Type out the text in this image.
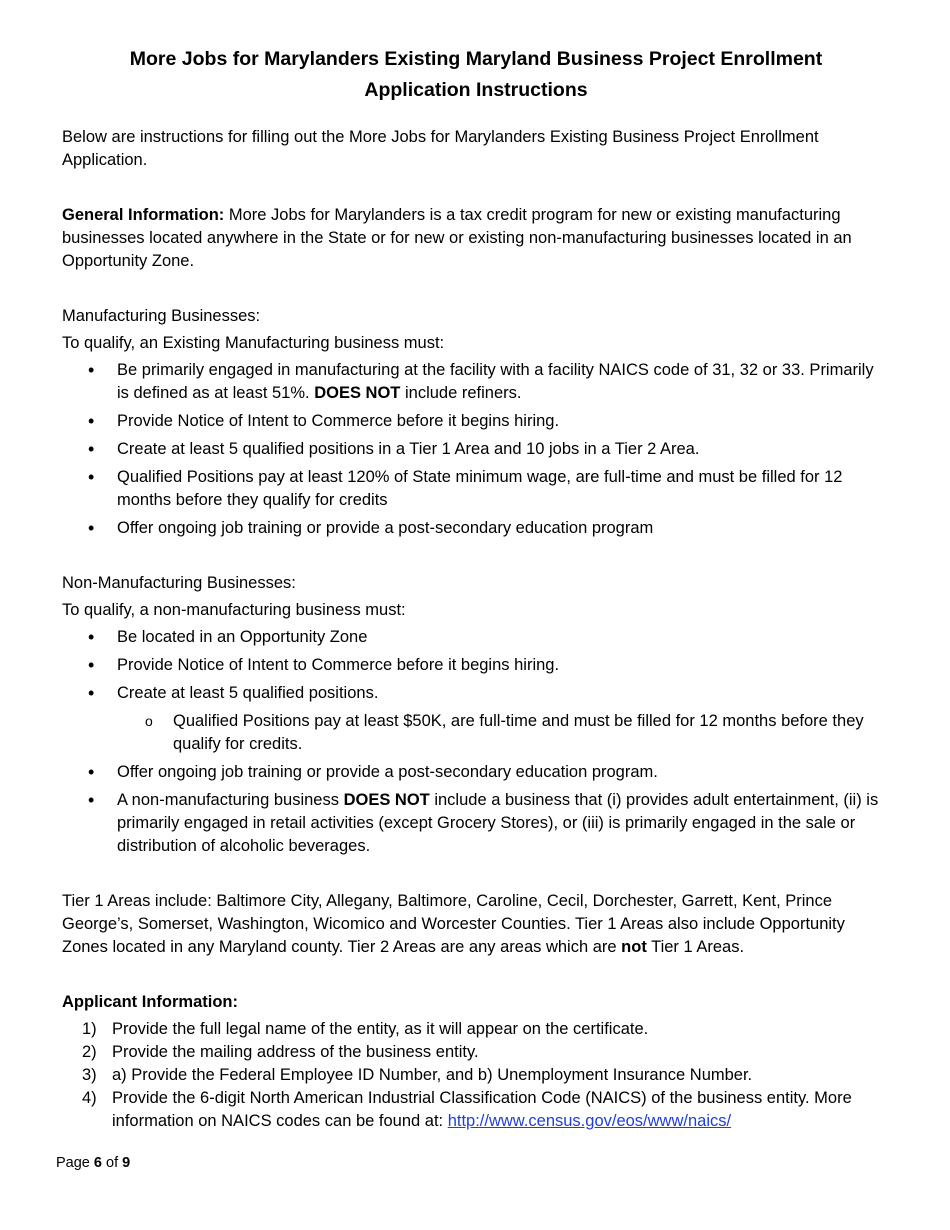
More Jobs for Marylanders Existing Maryland Business Project Enrollment
Application Instructions

Below are instructions for filling out the More Jobs for Marylanders Existing Business Project Enrollment Application.

General Information: More Jobs for Marylanders is a tax credit program for new or existing manufacturing businesses located anywhere in the State or for new or existing non-manufacturing businesses located in an Opportunity Zone.

Manufacturing Businesses:

To qualify, an Existing Manufacturing business must:

• Be primarily engaged in manufacturing at the facility with a facility NAICS code of 31, 32 or 33. Primarily is defined as at least 51%. DOES NOT include refiners.
• Provide Notice of Intent to Commerce before it begins hiring.
• Create at least 5 qualified positions in a Tier 1 Area and 10 jobs in a Tier 2 Area.
• Qualified Positions pay at least 120% of State minimum wage, are full-time and must be filled for 12 months before they qualify for credits
• Offer ongoing job training or provide a post-secondary education program

Non-Manufacturing Businesses:

To qualify, a non-manufacturing business must:

• Be located in an Opportunity Zone
• Provide Notice of Intent to Commerce before it begins hiring.
• Create at least 5 qualified positions.
o Qualified Positions pay at least $50K, are full-time and must be filled for 12 months before they qualify for credits.
• Offer ongoing job training or provide a post-secondary education program.
• A non-manufacturing business DOES NOT include a business that (i) provides adult entertainment, (ii) is primarily engaged in retail activities (except Grocery Stores), or (iii) is primarily engaged in the sale or distribution of alcoholic beverages.

Tier 1 Areas include: Baltimore City, Allegany, Baltimore, Caroline, Cecil, Dorchester, Garrett, Kent, Prince George’s, Somerset, Washington, Wicomico and Worcester Counties. Tier 1 Areas also include Opportunity Zones located in any Maryland county. Tier 2 Areas are any areas which are not Tier 1 Areas.

Applicant Information:

1) Provide the full legal name of the entity, as it will appear on the certificate.
2) Provide the mailing address of the business entity.
3) a) Provide the Federal Employee ID Number, and b) Unemployment Insurance Number.
4) Provide the 6-digit North American Industrial Classification Code (NAICS) of the business entity. More information on NAICS codes can be found at: http://www.census.gov/eos/www/naics/
Page 6 of 9
